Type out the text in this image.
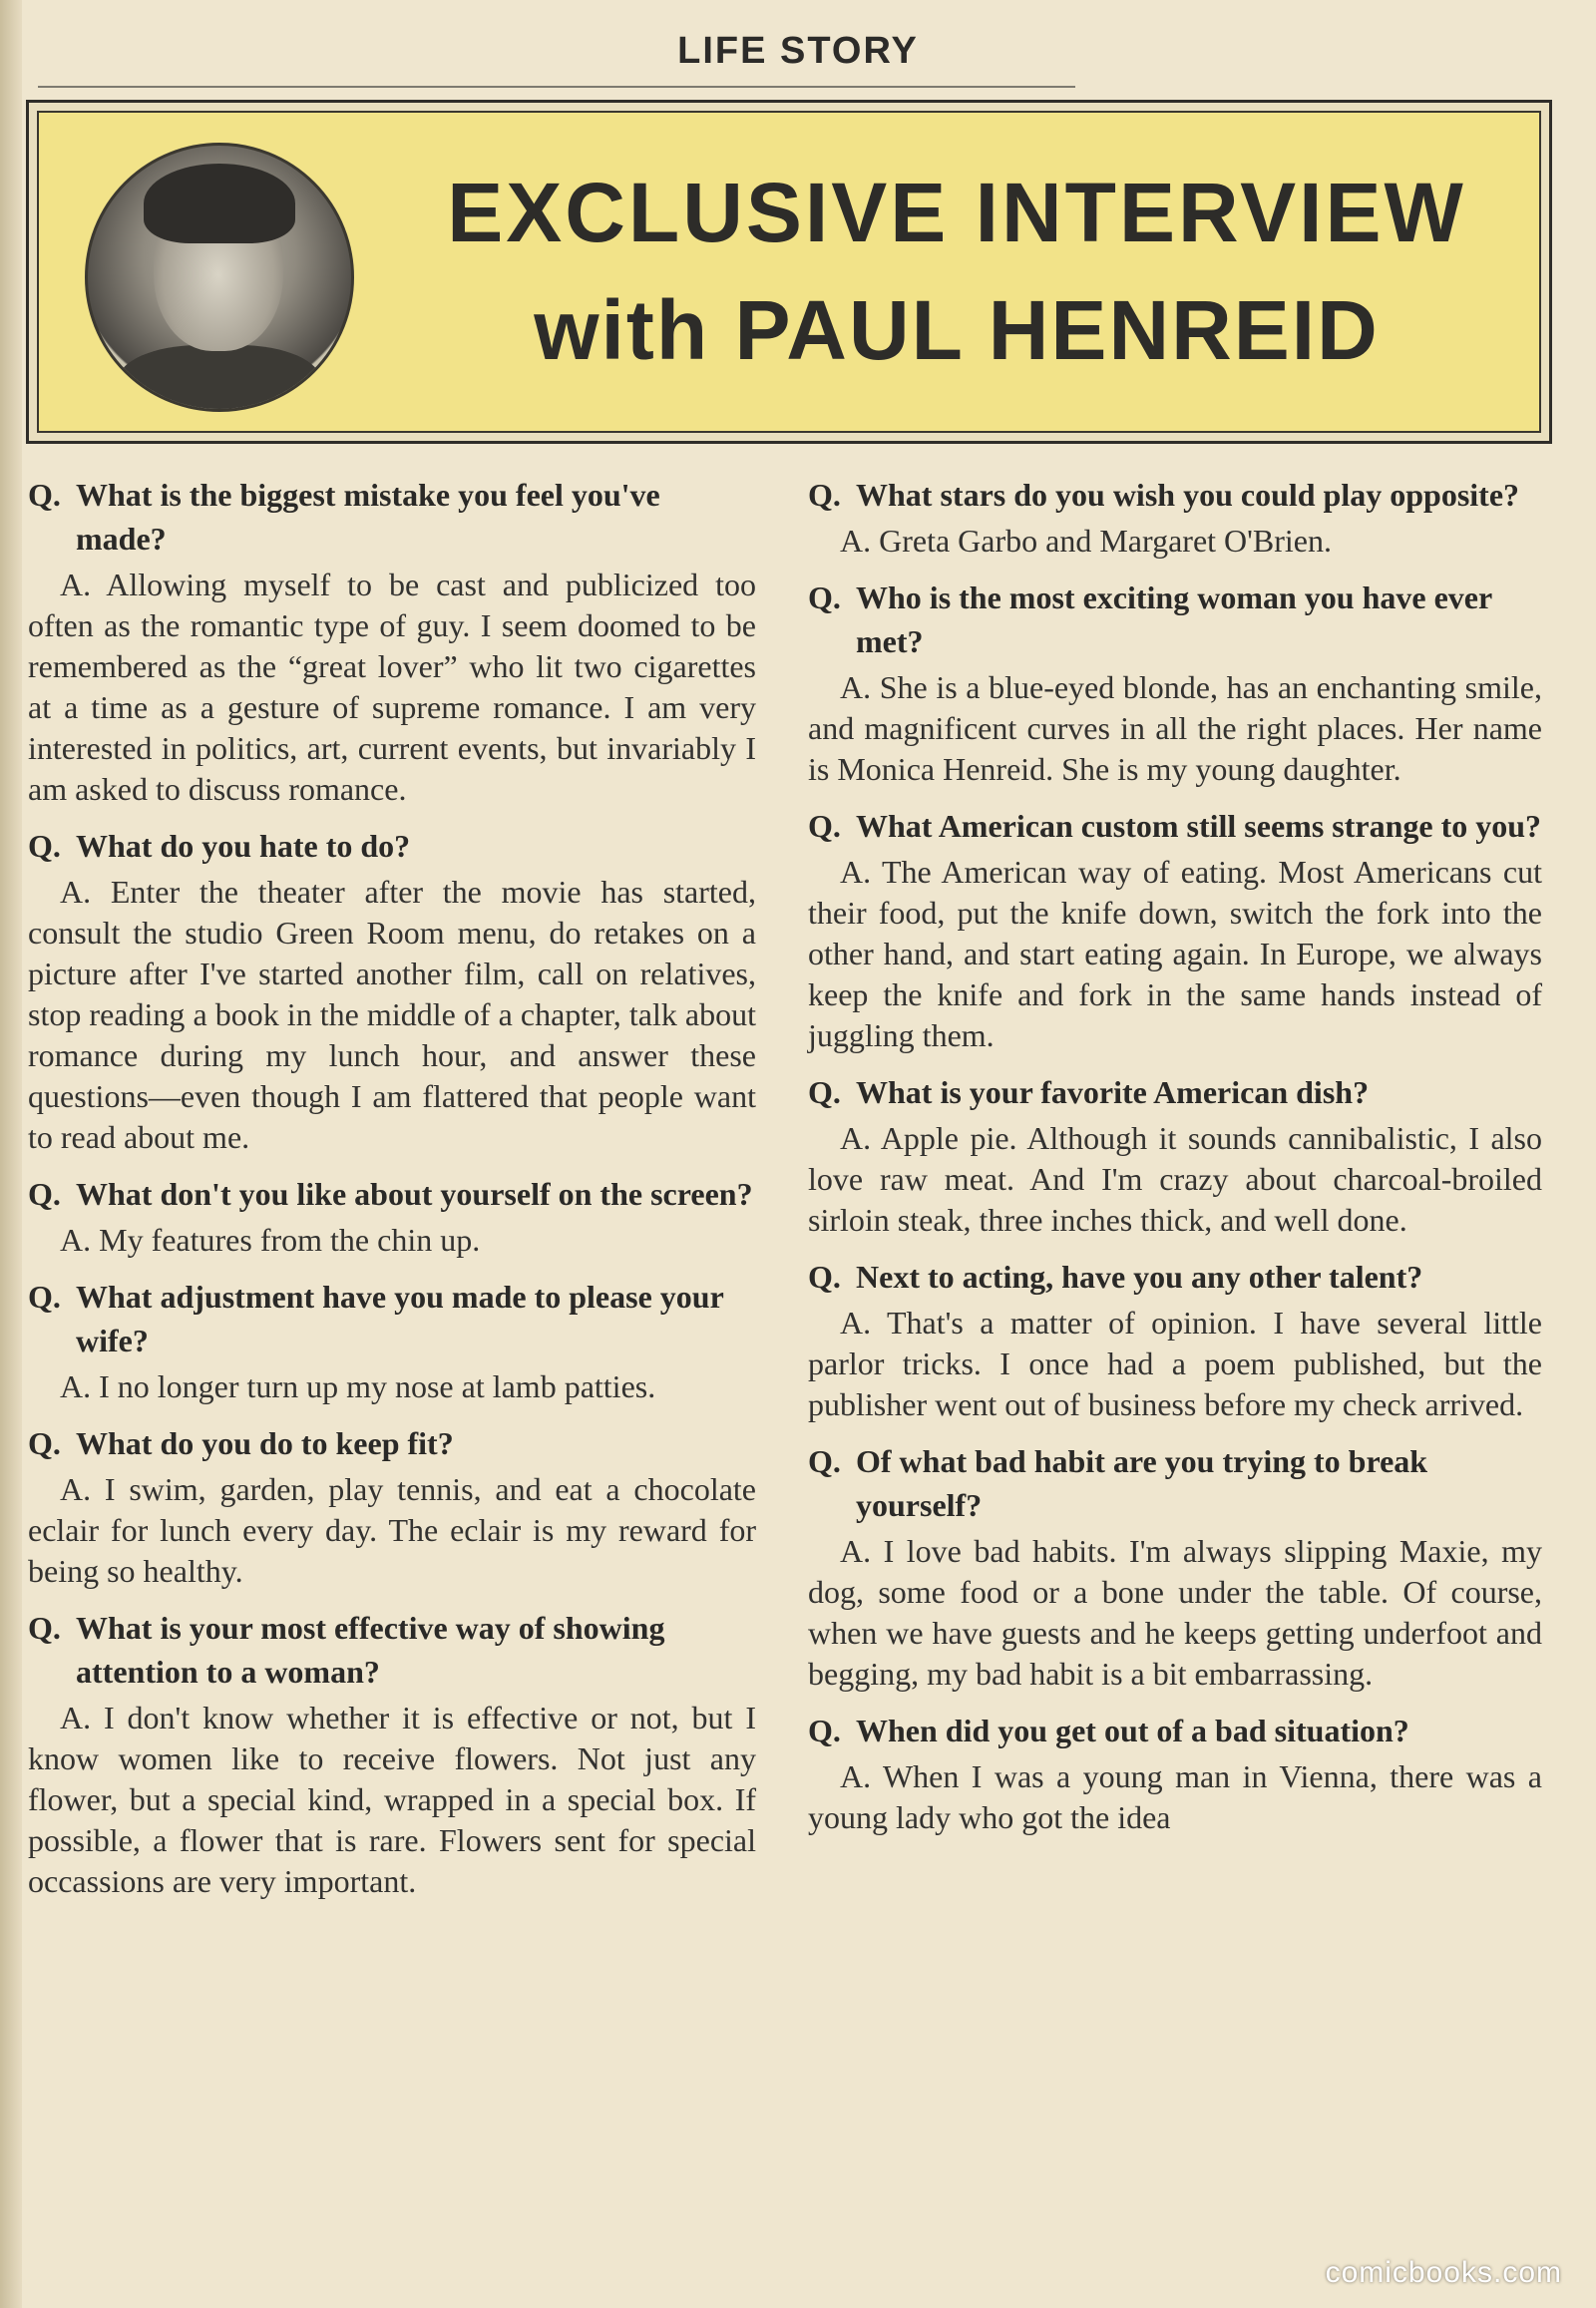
LIFE STORY
EXCLUSIVE INTERVIEW
with PAUL HENREID
Q. What is the biggest mistake you feel you've made?

A. Allowing myself to be cast and publicized too often as the romantic type of guy. I seem doomed to be remembered as the “great lover” who lit two cigarettes at a time as a gesture of supreme romance. I am very interested in politics, art, current events, but invariably I am asked to discuss romance.

Q. What do you hate to do?

A. Enter the theater after the movie has started, consult the studio Green Room menu, do retakes on a picture after I've started another film, call on relatives, stop reading a book in the middle of a chapter, talk about romance during my lunch hour, and answer these questions—even though I am flattered that people want to read about me.

Q. What don't you like about yourself on the screen?

A. My features from the chin up.

Q. What adjustment have you made to please your wife?

A. I no longer turn up my nose at lamb patties.

Q. What do you do to keep fit?

A. I swim, garden, play tennis, and eat a chocolate eclair for lunch every day. The eclair is my reward for being so healthy.

Q. What is your most effective way of showing attention to a woman?

A. I don't know whether it is effective or not, but I know women like to receive flowers. Not just any flower, but a special kind, wrapped in a special box. If possible, a flower that is rare. Flowers sent for special occassions are very important.

Q. What stars do you wish you could play opposite?

A. Greta Garbo and Margaret O'Brien.

Q. Who is the most exciting woman you have ever met?

A. She is a blue-eyed blonde, has an enchanting smile, and magnificent curves in all the right places. Her name is Monica Henreid. She is my young daughter.

Q. What American custom still seems strange to you?

A. The American way of eating. Most Americans cut their food, put the knife down, switch the fork into the other hand, and start eating again. In Europe, we always keep the knife and fork in the same hands instead of juggling them.

Q. What is your favorite American dish?

A. Apple pie. Although it sounds cannibalistic, I also love raw meat. And I'm crazy about charcoal-broiled sirloin steak, three inches thick, and well done.

Q. Next to acting, have you any other talent?

A. That's a matter of opinion. I have several little parlor tricks. I once had a poem published, but the publisher went out of business before my check arrived.

Q. Of what bad habit are you trying to break yourself?

A. I love bad habits. I'm always slipping Maxie, my dog, some food or a bone under the table. Of course, when we have guests and he keeps getting underfoot and begging, my bad habit is a bit embarrassing.

Q. When did you get out of a bad situation?

A. When I was a young man in Vienna, there was a young lady who got the idea

comicbooks.com
